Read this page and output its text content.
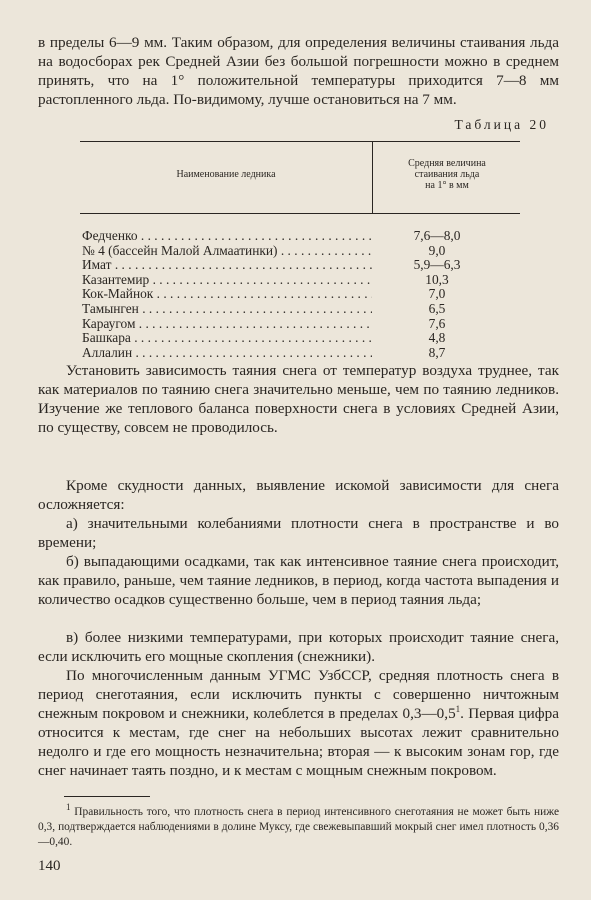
в пределы 6—9 мм. Таким образом, для определения величины стаивания льда на водосборах рек Средней Азии без большой погрешности можно в среднем принять, что на 1° положительной температуры приходится 7—8 мм растопленного льда. По-видимому, лучше остановиться на 7 мм.

Таблица 20
Наименование ледника
Средняя величина
стаивания льда
на 1° в мм
Федченко . . .	7,6—8,0
№ 4 (бассейн Малой Алмаатинки) . . .	9,0
Имат . . .	5,9—6,3
Казантемир . . .	10,3
Кок-Майнок . . .	7,0
Тамынген . . .	6,5
Караугом . . .	7,6
Башкара . . .	4,8
Аллалин . . .	8,7

Установить зависимость таяния снега от температур воздуха труднее, так как материалов по таянию снега значительно меньше, чем по таянию ледников. Изучение же теплового баланса поверхности снега в условиях Средней Азии, по существу, совсем не проводилось.

Кроме скудности данных, выявление искомой зависимости для снега осложняется:

а) значительными колебаниями плотности снега в пространстве и во времени;

б) выпадающими осадками, так как интенсивное таяние снега происходит, как правило, раньше, чем таяние ледников, в период, когда частота выпадения и количество осадков существенно больше, чем в период таяния льда;

в) более низкими температурами, при которых происходит таяние снега, если исключить его мощные скопления (снежники).

По многочисленным данным УГМС УзбССР, средняя плотность снега в период снеготаяния, если исключить пункты с совершенно ничтожным снежным покровом и снежники, колеблется в пределах $0,3—0,5^1$. Первая цифра относится к местам, где снег на небольших высотах лежит сравнительно недолго и где его мощность незначительна; вторая — к высоким зонам гор, где снег начинает таять поздно, и к местам с мощным снежным покровом.

$^1$ Правильность того, что плотность снега в период интенсивного снеготаяния не может быть ниже 0,3, подтверждается наблюдениями в долине Муксу, где свежевыпавший мокрый снег имел плотность 0,36—0,40.

140
